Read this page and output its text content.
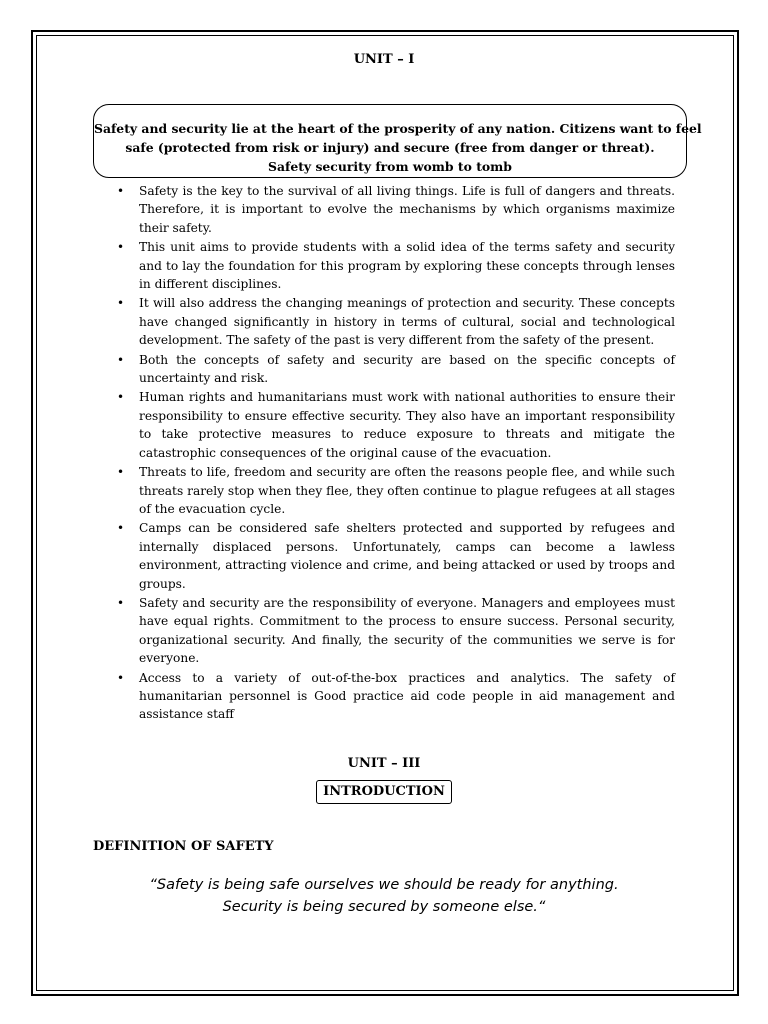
UNIT – I
Safety and security lie at the heart of the prosperity of any nation. Citizens want to feel
safe (protected from risk or injury) and secure (free from danger or threat).
Safety security from womb to tomb
• Safety is the key to the survival of all living things. Life is full of dangers and threats. Therefore, it is important to evolve the mechanisms by which organisms maximize their safety.
• This unit aims to provide students with a solid idea of the terms safety and security and to lay the foundation for this program by exploring these concepts through lenses in different disciplines.
• It will also address the changing meanings of protection and security. These concepts have changed significantly in history in terms of cultural, social and technological development. The safety of the past is very different from the safety of the present.
• Both the concepts of safety and security are based on the specific concepts of uncertainty and risk.
• Human rights and humanitarians must work with national authorities to ensure their responsibility to ensure effective security. They also have an important responsibility to take protective measures to reduce exposure to threats and mitigate the catastrophic consequences of the original cause of the evacuation.
• Threats to life, freedom and security are often the reasons people flee, and while such threats rarely stop when they flee, they often continue to plague refugees at all stages of the evacuation cycle.
• Camps can be considered safe shelters protected and supported by refugees and internally displaced persons. Unfortunately, camps can become a lawless environment, attracting violence and crime, and being attacked or used by troops and groups.
• Safety and security are the responsibility of everyone. Managers and employees must have equal rights. Commitment to the process to ensure success. Personal security, organizational security. And finally, the security of the communities we serve is for everyone.
• Access to a variety of out-of-the-box practices and analytics. The safety of humanitarian personnel is Good practice aid code people in aid management and assistance staff
UNIT – III
INTRODUCTION
DEFINITION OF SAFETY
“Safety is being safe ourselves we should be ready for anything.
Security is being secured by someone else.“
